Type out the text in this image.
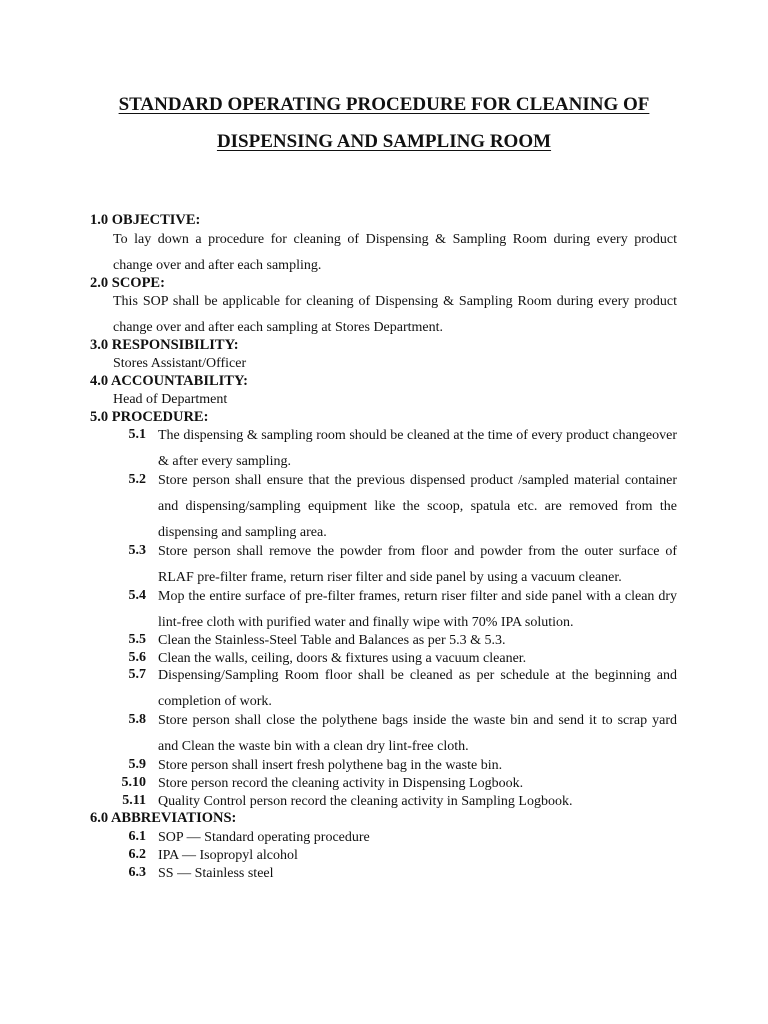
STANDARD OPERATING PROCEDURE FOR CLEANING OF
DISPENSING AND SAMPLING ROOM
1.0 OBJECTIVE:
To lay down a procedure for cleaning of Dispensing & Sampling Room during every product change over and after each sampling.
2.0 SCOPE:
This SOP shall be applicable for cleaning of Dispensing & Sampling Room during every product change over and after each sampling at Stores Department.
3.0 RESPONSIBILITY:
Stores Assistant/Officer
4.0 ACCOUNTABILITY:
Head of Department
5.0 PROCEDURE:
5.1 The dispensing & sampling room should be cleaned at the time of every product changeover & after every sampling.
5.2 Store person shall ensure that the previous dispensed product /sampled material container and dispensing/sampling equipment like the scoop, spatula etc. are removed from the dispensing and sampling area.
5.3 Store person shall remove the powder from floor and powder from the outer surface of RLAF pre-filter frame, return riser filter and side panel by using a vacuum cleaner.
5.4 Mop the entire surface of pre-filter frames, return riser filter and side panel with a clean dry lint-free cloth with purified water and finally wipe with 70% IPA solution.
5.5 Clean the Stainless-Steel Table and Balances as per 5.3 & 5.3.
5.6 Clean the walls, ceiling, doors & fixtures using a vacuum cleaner.
5.7 Dispensing/Sampling Room floor shall be cleaned as per schedule at the beginning and completion of work.
5.8 Store person shall close the polythene bags inside the waste bin and send it to scrap yard and Clean the waste bin with a clean dry lint-free cloth.
5.9 Store person shall insert fresh polythene bag in the waste bin.
5.10 Store person record the cleaning activity in Dispensing Logbook.
5.11 Quality Control person record the cleaning activity in Sampling Logbook.
6.0 ABBREVIATIONS:
6.1 SOP — Standard operating procedure
6.2 IPA — Isopropyl alcohol
6.3 SS — Stainless steel
